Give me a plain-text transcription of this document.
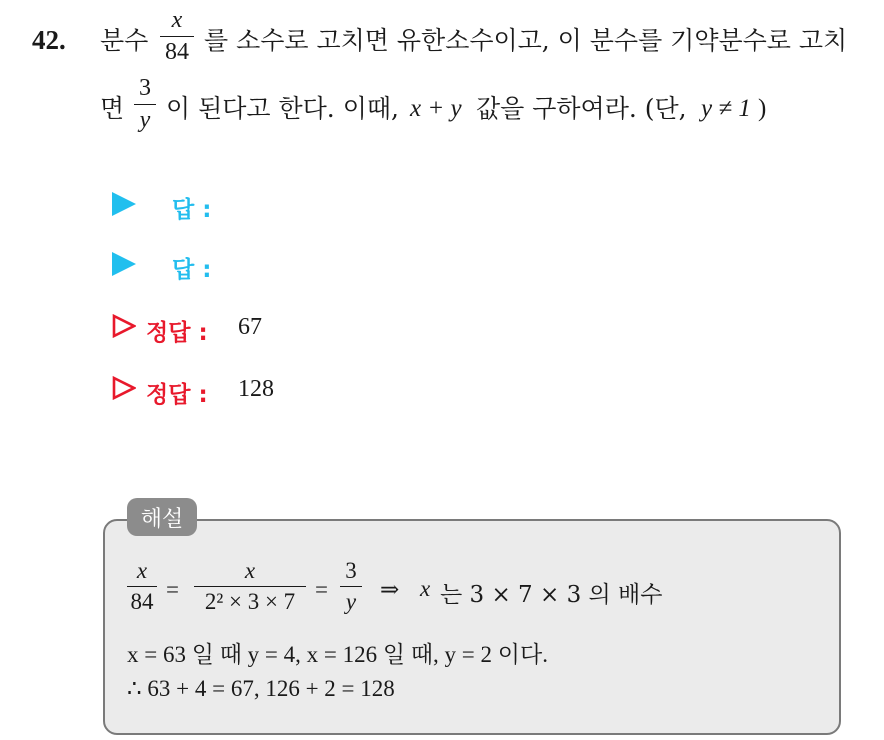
42. 분수
x
84 를 소수로 고치면 유한소수이고, 이 분수를 기약분수로 고치
면
3
y 이 된다고 한다. 이때, x + y 값을 구하여라. (단, y ≠ 1 )
답 :
답 :
정답 : 67
정답 : 128
해설
x
84 =
x
2² × 3 × 7 =
3
y ⇒ x 는 3 × 7 × 3 의 배수
x = 63 일 때 y = 4, x = 126 일 때, y = 2 이다.
∴ 63 + 4 = 67, 126 + 2 = 128
